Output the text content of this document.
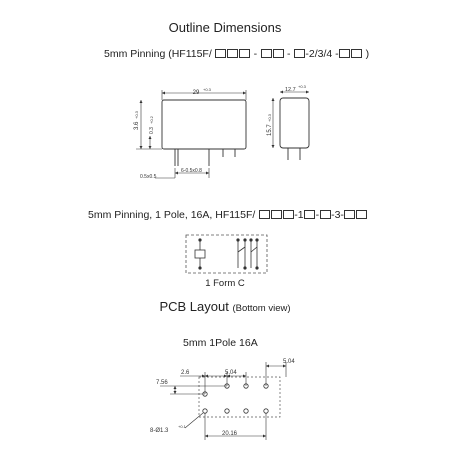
Outline Dimensions
5mm Pinning (HF115F/	-  - -2/3/4 -	)
5mm Pinning, 1 Pole, 16A, HF115F/	-1 - -3-
1 Form C
PCB Layout (Bottom view)
5mm 1Pole 16A
29
+0.3
3.6
+0.3
0.3
+0.2
6-0.5x0.8
0.5x0.5
12.7
+0.3
15.7
+0.3
5.04
2.6	5.04
7.56
8-Ø1.3
+0.1
20.16
